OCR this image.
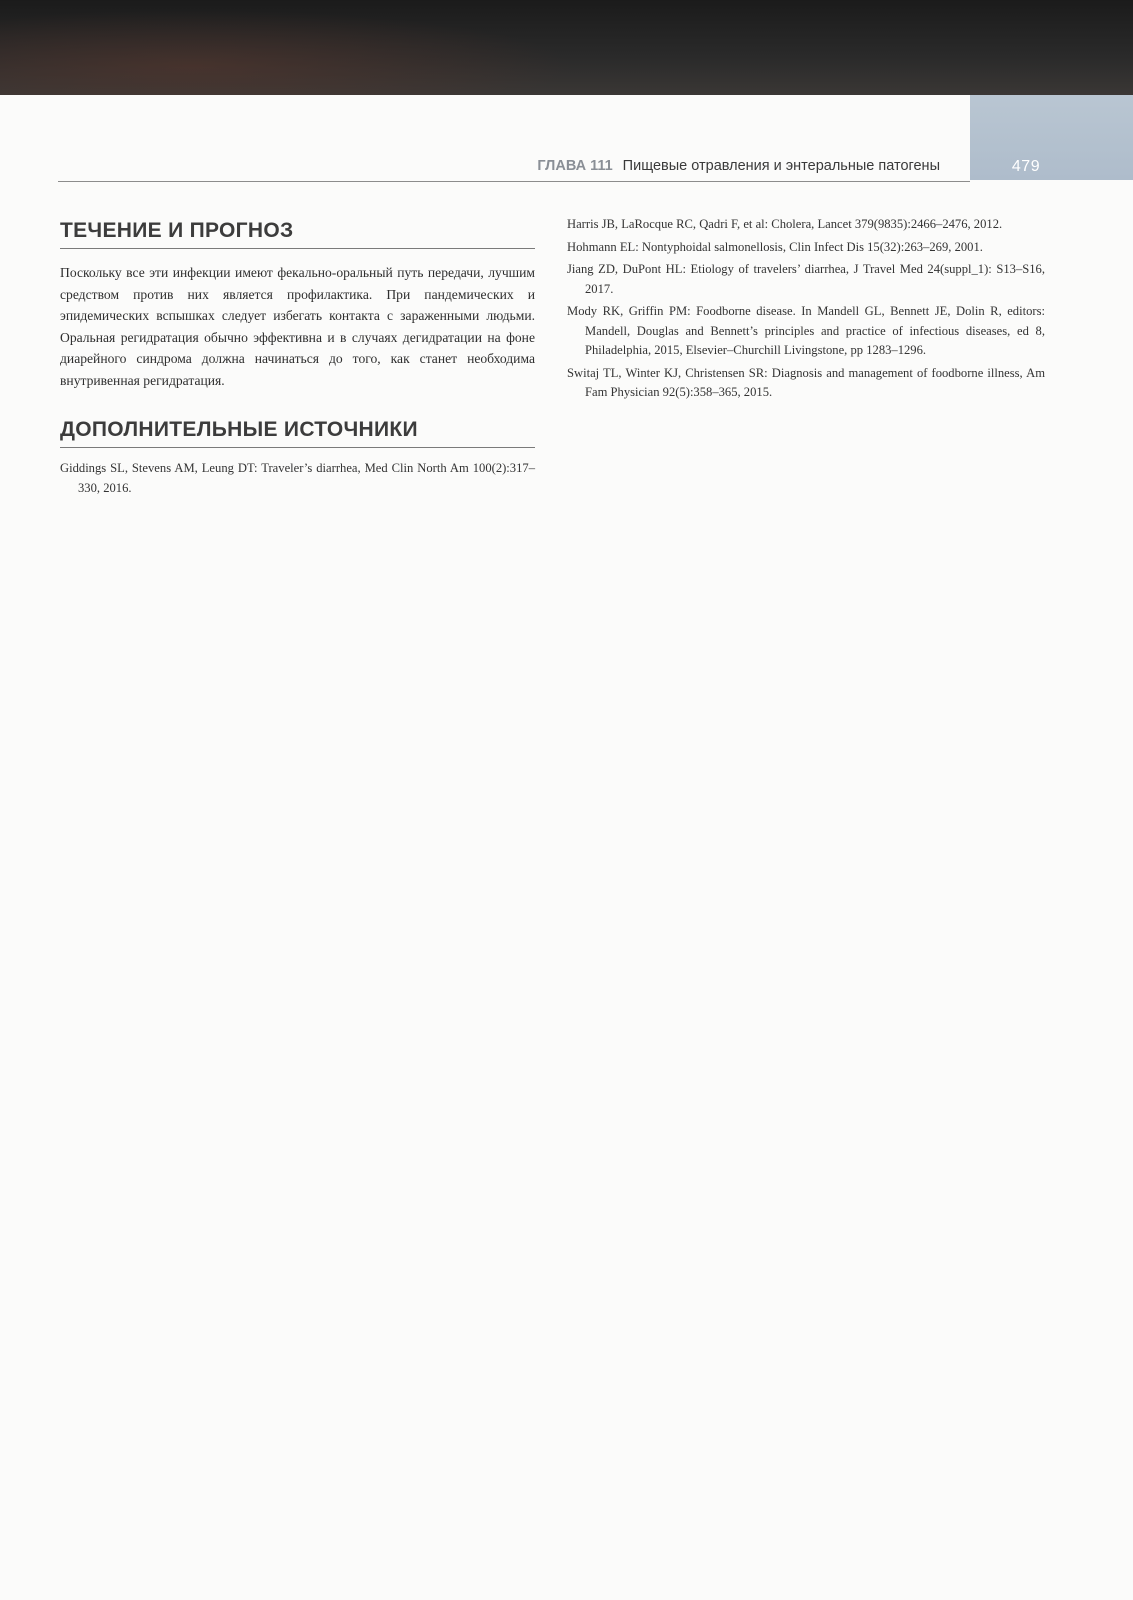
479
ГЛАВА 111 Пищевые отравления и энтеральные патогены
ТЕЧЕНИЕ И ПРОГНОЗ

Поскольку все эти инфекции имеют фекально-оральный путь передачи, лучшим средством против них является профилактика. При пандемических и эпидемических вспышках следует избегать контакта с зараженными людьми. Оральная регидратация обычно эффективна и в случаях дегидратации на фоне диарейного синдрома должна начинаться до того, как станет необходима внутривенная регидратация.

ДОПОЛНИТЕЛЬНЫЕ ИСТОЧНИКИ
Giddings SL, Stevens AM, Leung DT: Traveler’s diarrhea, Med Clin North Am 100(2):317–330, 2016.
Harris JB, LaRocque RC, Qadri F, et al: Cholera, Lancet 379(9835):2466–2476, 2012.
Hohmann EL: Nontyphoidal salmonellosis, Clin Infect Dis 15(32):263–269, 2001.
Jiang ZD, DuPont HL: Etiology of travelers’ diarrhea, J Travel Med 24(suppl_1): S13–S16, 2017.
Mody RK, Griffin PM: Foodborne disease. In Mandell GL, Bennett JE, Dolin R, editors: Mandell, Douglas and Bennett’s principles and practice of infectious diseases, ed 8, Philadelphia, 2015, Elsevier–Churchill Livingstone, pp 1283–1296.
Switaj TL, Winter KJ, Christensen SR: Diagnosis and management of foodborne illness, Am Fam Physician 92(5):358–365, 2015.
